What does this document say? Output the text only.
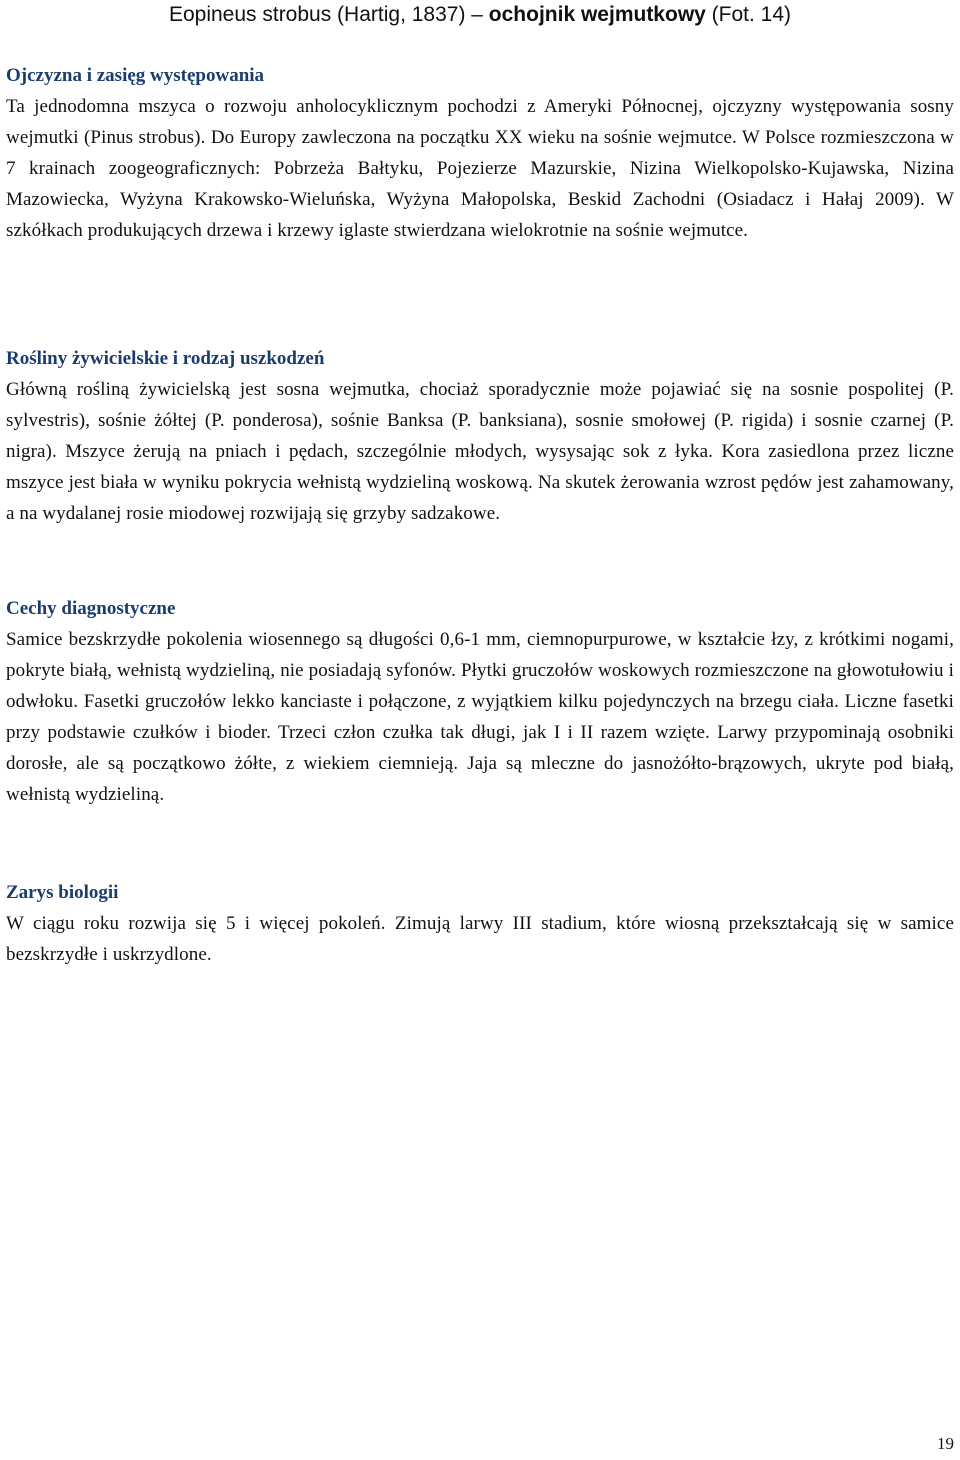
Eopineus strobus (Hartig, 1837) – ochojnik wejmutkowy (Fot. 14)

Ojczyzna i zasięg występowania

Ta jednodomna mszyca o rozwoju anholocyklicznym pochodzi z Ameryki Północnej, ojczyzny występowania sosny wejmutki (Pinus strobus). Do Europy zawleczona na początku XX wieku na sośnie wejmutce. W Polsce rozmieszczona w 7 krainach zoogeograficznych: Pobrzeża Bałtyku, Pojezierze Mazurskie, Nizina Wielkopolsko-Kujawska, Nizina Mazowiecka, Wyżyna Krakowsko-Wieluńska, Wyżyna Małopolska, Beskid Zachodni (Osiadacz i Hałaj 2009). W szkółkach produkujących drzewa i krzewy iglaste stwierdzana wielokrotnie na sośnie wejmutce.

Rośliny żywicielskie i rodzaj uszkodzeń

Główną rośliną żywicielską jest sosna wejmutka, chociaż sporadycznie może pojawiać się na sosnie pospolitej (P. sylvestris), sośnie żółtej (P. ponderosa), sośnie Banksa (P. banksiana), sosnie smołowej (P. rigida) i sosnie czarnej (P. nigra). Mszyce żerują na pniach i pędach, szczególnie młodych, wysysając sok z łyka. Kora zasiedlona przez liczne mszyce jest biała w wyniku pokrycia wełnistą wydzieliną woskową. Na skutek żerowania wzrost pędów jest zahamowany, a na wydalanej rosie miodowej rozwijają się grzyby sadzakowe.

Cechy diagnostyczne

Samice bezskrzydłe pokolenia wiosennego są długości 0,6-1 mm, ciemnopurpurowe, w kształcie łzy, z krótkimi nogami, pokryte białą, wełnistą wydzieliną, nie posiadają syfonów. Płytki gruczołów woskowych rozmieszczone na głowotułowiu i odwłoku. Fasetki gruczołów lekko kanciaste i połączone, z wyjątkiem kilku pojedynczych na brzegu ciała. Liczne fasetki przy podstawie czułków i bioder. Trzeci człon czułka tak długi, jak I i II razem wzięte. Larwy przypominają osobniki dorosłe, ale są początkowo żółte, z wiekiem ciemnieją. Jaja są mleczne do jasnożółto-brązowych, ukryte pod białą, wełnistą wydzieliną.

Zarys biologii

W ciągu roku rozwija się 5 i więcej pokoleń. Zimują larwy III stadium, które wiosną przekształcają się w samice bezskrzydłe i uskrzydlone.

19
